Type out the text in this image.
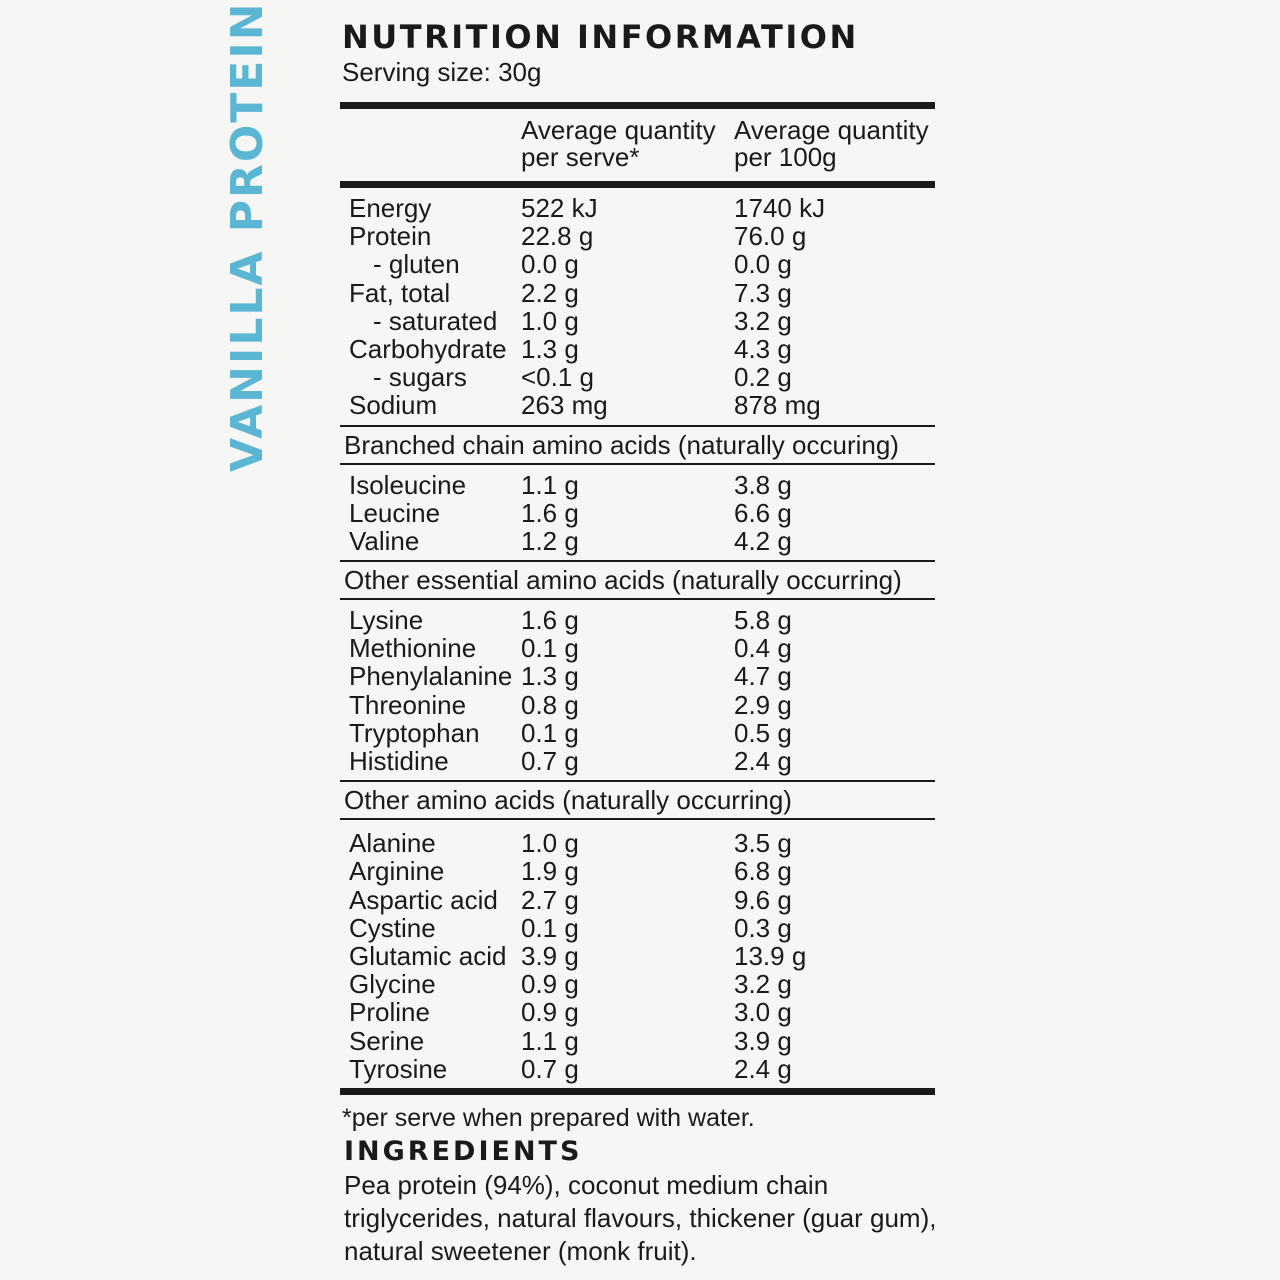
VANILLA PROTEIN NUTRITION INFORMATION
Serving size: 30g
Average quantity
per serve*
Average quantity
per 100g
Energy	522 kJ	1740 kJ
Protein	22.8 g	76.0 g
- gluten 0.0 g	0.0 g
Fat, total	2.2 g	7.3 g
- saturated 1.0 g	3.2 g
Carbohydrate 1.3 g	4.3 g
- sugars <0.1 g	0.2 g
Sodium	263 mg	878 mg
Branched chain amino acids (naturally occuring)
Isoleucine 1.1 g	3.8 g
Leucine	1.6 g	6.6 g
Valine	1.2 g	4.2 g
Other essential amino acids (naturally occurring)
Lysine	1.6 g	5.8 g
Methionine 0.1 g	0.4 g
Phenylalanine 1.3 g	4.7 g
Threonine 0.8 g	2.9 g
Tryptophan 0.1 g	0.5 g
Histidine	0.7 g	2.4 g
Other amino acids (naturally occurring)
Alanine	1.0 g	3.5 g
Arginine	1.9 g	6.8 g
Aspartic acid 2.7 g	9.6 g
Cystine	0.1 g	0.3 g
Glutamic acid 3.9 g	13.9 g
Glycine	0.9 g	3.2 g
Proline	0.9 g	3.0 g
Serine	1.1 g	3.9 g
Tyrosine	0.7 g	2.4 g
*per serve when prepared with water.
INGREDIENTS
Pea protein (94%), coconut medium chain
triglycerides, natural flavours, thickener (guar gum),
natural sweetener (monk fruit).
